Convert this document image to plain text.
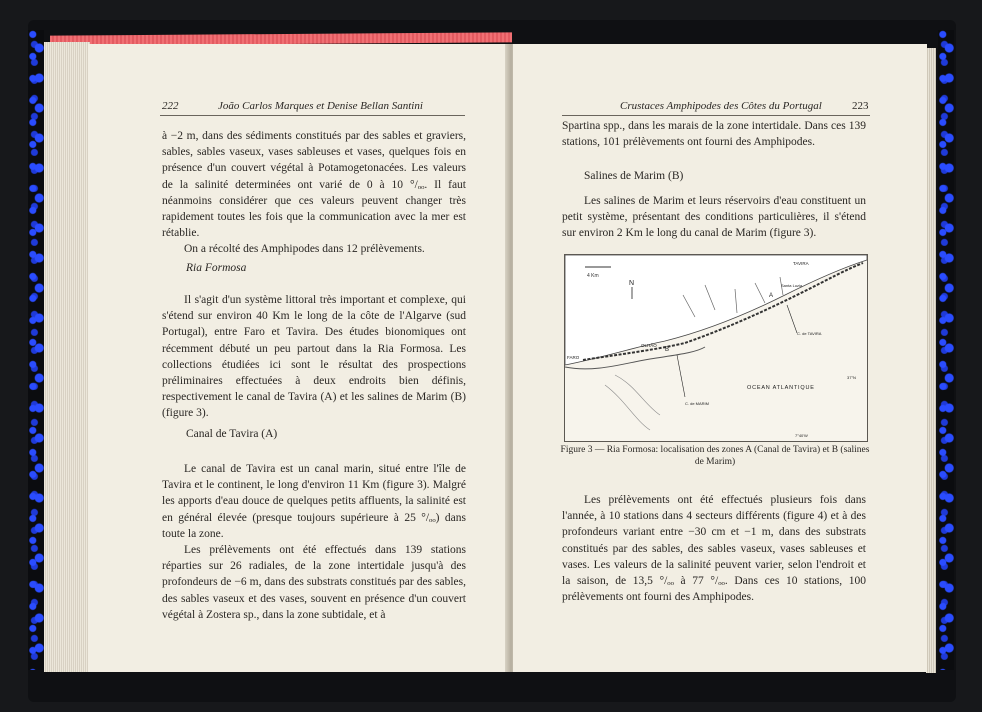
222	João Carlos Marques et Denise Bellan Santini

à −2 m, dans des sédiments constitués par des sables et graviers, sables, sables vaseux, vases sableuses et vases, quelques fois en présence d'un couvert végétal à Potamogetonacées. Les valeurs de la salinité determinées ont varié de 0 à 10 °/ₒₒ. Il faut néanmoins considérer que ces valeurs peuvent changer très rapidement toutes les fois que la communication avec la mer est rétablie.

On a récolté des Amphipodes dans 12 prélèvements.

Ria Formosa

Il s'agit d'un système littoral très important et complexe, qui s'étend sur environ 40 Km le long de la côte de l'Algarve (sud Portugal), entre Faro et Tavira. Des études bionomiques ont récemment débuté un peu partout dans la Ria Formosa. Les collections étudiées ici sont le résultat des prospections préliminaires effectuées à deux endroits bien définis, respectivement le canal de Tavira (A) et les salines de Marim (B) (figure 3).

Canal de Tavira (A)

Le canal de Tavira est un canal marin, situé entre l'île de Tavira et le continent, le long d'environ 11 Km (figure 3). Malgré les apports d'eau douce de quelques petits affluents, la salinité est en général élevée (presque toujours supérieure à 25 °/ₒₒ) dans toute la zone.

Les prélèvements ont été effectués dans 139 stations réparties sur 26 radiales, de la zone intertidale jusqu'à des profondeurs de −6 m, dans des substrats constitués par des sables, des sables vaseux et des vases, souvent en présence d'un couvert végétal à Zostera sp., dans la zone subtidale, et à

Crustaces Amphipodes des Côtes du Portugal	223

Spartina spp., dans les marais de la zone intertidale. Dans ces 139 stations, 101 prélèvements ont fourni des Amphipodes.

Salines de Marim (B)

Les salines de Marim et leurs réservoirs d'eau constituent un petit système, présentant des conditions particulières, il s'étend sur environ 2 Km le long du canal de Marim (figure 3).

4 Km
N
TAVIRA
Santa Luzia
A
B
OLHÃO
FARO
C. de TAVIRA
C. de MARIM
OCEAN ATLANTIQUE
37°N
7°40'W
Figure 3 — Ria Formosa: localisation des zones A (Canal de Tavira) et B (salines de Marim)

Les prélèvements ont été effectués plusieurs fois dans l'année, à 10 stations dans 4 secteurs différents (figure 4) et à des profondeurs variant entre −30 cm et −1 m, dans des substrats constitués par des sables, des sables vaseux, vases sableuses et vases. Les valeurs de la salinité peuvent varier, selon l'endroit et la saison, de 13,5 °/ₒₒ à 77 °/ₒₒ. Dans ces 10 stations, 100 prélèvements ont fourni des Amphipodes.
